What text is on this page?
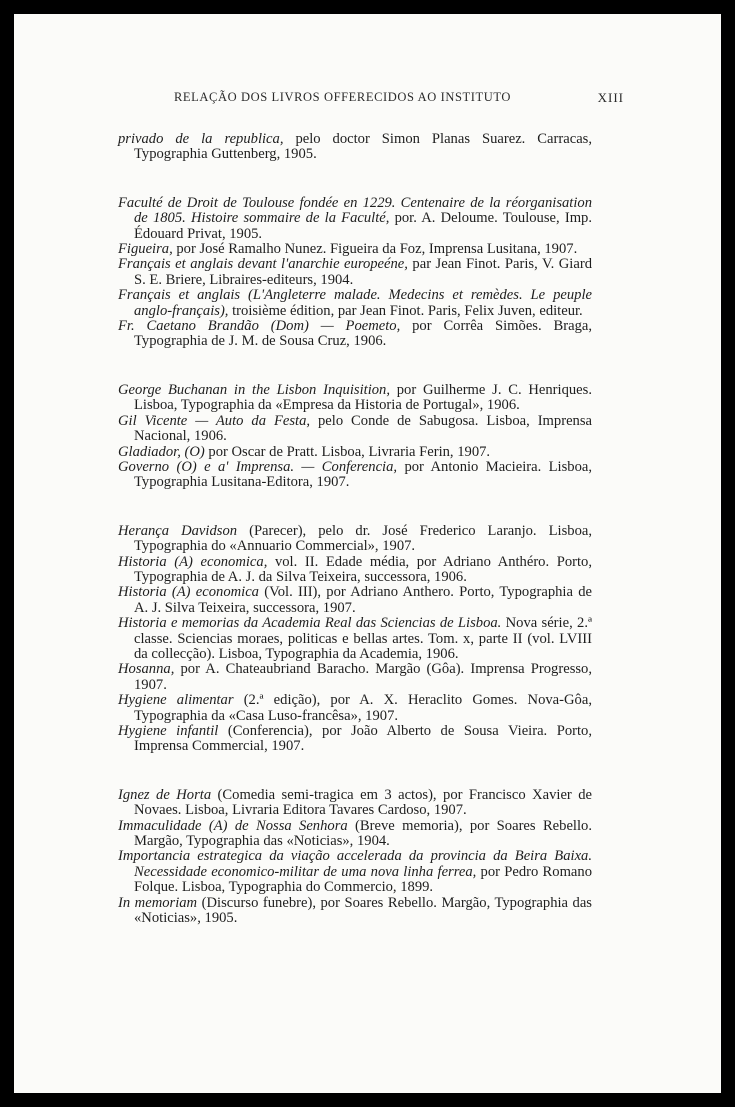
RELAÇÃO DOS LIVROS OFFERECIDOS AO INSTITUTO	XIII

privado de la republica, pelo doctor Simon Planas Suarez. Carracas, Typographia Guttenberg, 1905.

Faculté de Droit de Toulouse fondée en 1229. Centenaire de la réorganisation de 1805. Histoire sommaire de la Faculté, por. A. Deloume. Toulouse, Imp. Édouard Privat, 1905.

Figueira, por José Ramalho Nunez. Figueira da Foz, Imprensa Lusitana, 1907.

Français et anglais devant l'anarchie europeéne, par Jean Finot. Paris, V. Giard S. E. Briere, Libraires-editeurs, 1904.

Français et anglais (L'Angleterre malade. Medecins et remèdes. Le peuple anglo-français), troisième édition, par Jean Finot. Paris, Felix Juven, editeur.

Fr. Caetano Brandão (Dom) — Poemeto, por Corrêa Simões. Braga, Typographia de J. M. de Sousa Cruz, 1906.

George Buchanan in the Lisbon Inquisition, por Guilherme J. C. Henriques. Lisboa, Typographia da «Empresa da Historia de Portugal», 1906.

Gil Vicente — Auto da Festa, pelo Conde de Sabugosa. Lisboa, Imprensa Nacional, 1906.

Gladiador, (O) por Oscar de Pratt. Lisboa, Livraria Ferin, 1907.

Governo (O) e a' Imprensa. — Conferencia, por Antonio Macieira. Lisboa, Typographia Lusitana-Editora, 1907.

Herança Davidson (Parecer), pelo dr. José Frederico Laranjo. Lisboa, Typographia do «Annuario Commercial», 1907.

Historia (A) economica, vol. II. Edade média, por Adriano Anthéro. Porto, Typographia de A. J. da Silva Teixeira, successora, 1906.

Historia (A) economica (Vol. III), por Adriano Anthero. Porto, Typographia de A. J. Silva Teixeira, successora, 1907.

Historia e memorias da Academia Real das Sciencias de Lisboa. Nova série, 2.ª classe. Sciencias moraes, politicas e bellas artes. Tom. x, parte II (vol. LVIII da collecção). Lisboa, Typographia da Academia, 1906.

Hosanna, por A. Chateaubriand Baracho. Margão (Gôa). Imprensa Progresso, 1907.

Hygiene alimentar (2.ª edição), por A. X. Heraclito Gomes. Nova-Gôa, Typographia da «Casa Luso-francêsa», 1907.

Hygiene infantil (Conferencia), por João Alberto de Sousa Vieira. Porto, Imprensa Commercial, 1907.

Ignez de Horta (Comedia semi-tragica em 3 actos), por Francisco Xavier de Novaes. Lisboa, Livraria Editora Tavares Cardoso, 1907.

Immaculidade (A) de Nossa Senhora (Breve memoria), por Soares Rebello. Margão, Typographia das «Noticias», 1904.

Importancia estrategica da viação accelerada da provincia da Beira Baixa. Necessidade economico-militar de uma nova linha ferrea, por Pedro Romano Folque. Lisboa, Typographia do Commercio, 1899.

In memoriam (Discurso funebre), por Soares Rebello. Margão, Typographia das «Noticias», 1905.
